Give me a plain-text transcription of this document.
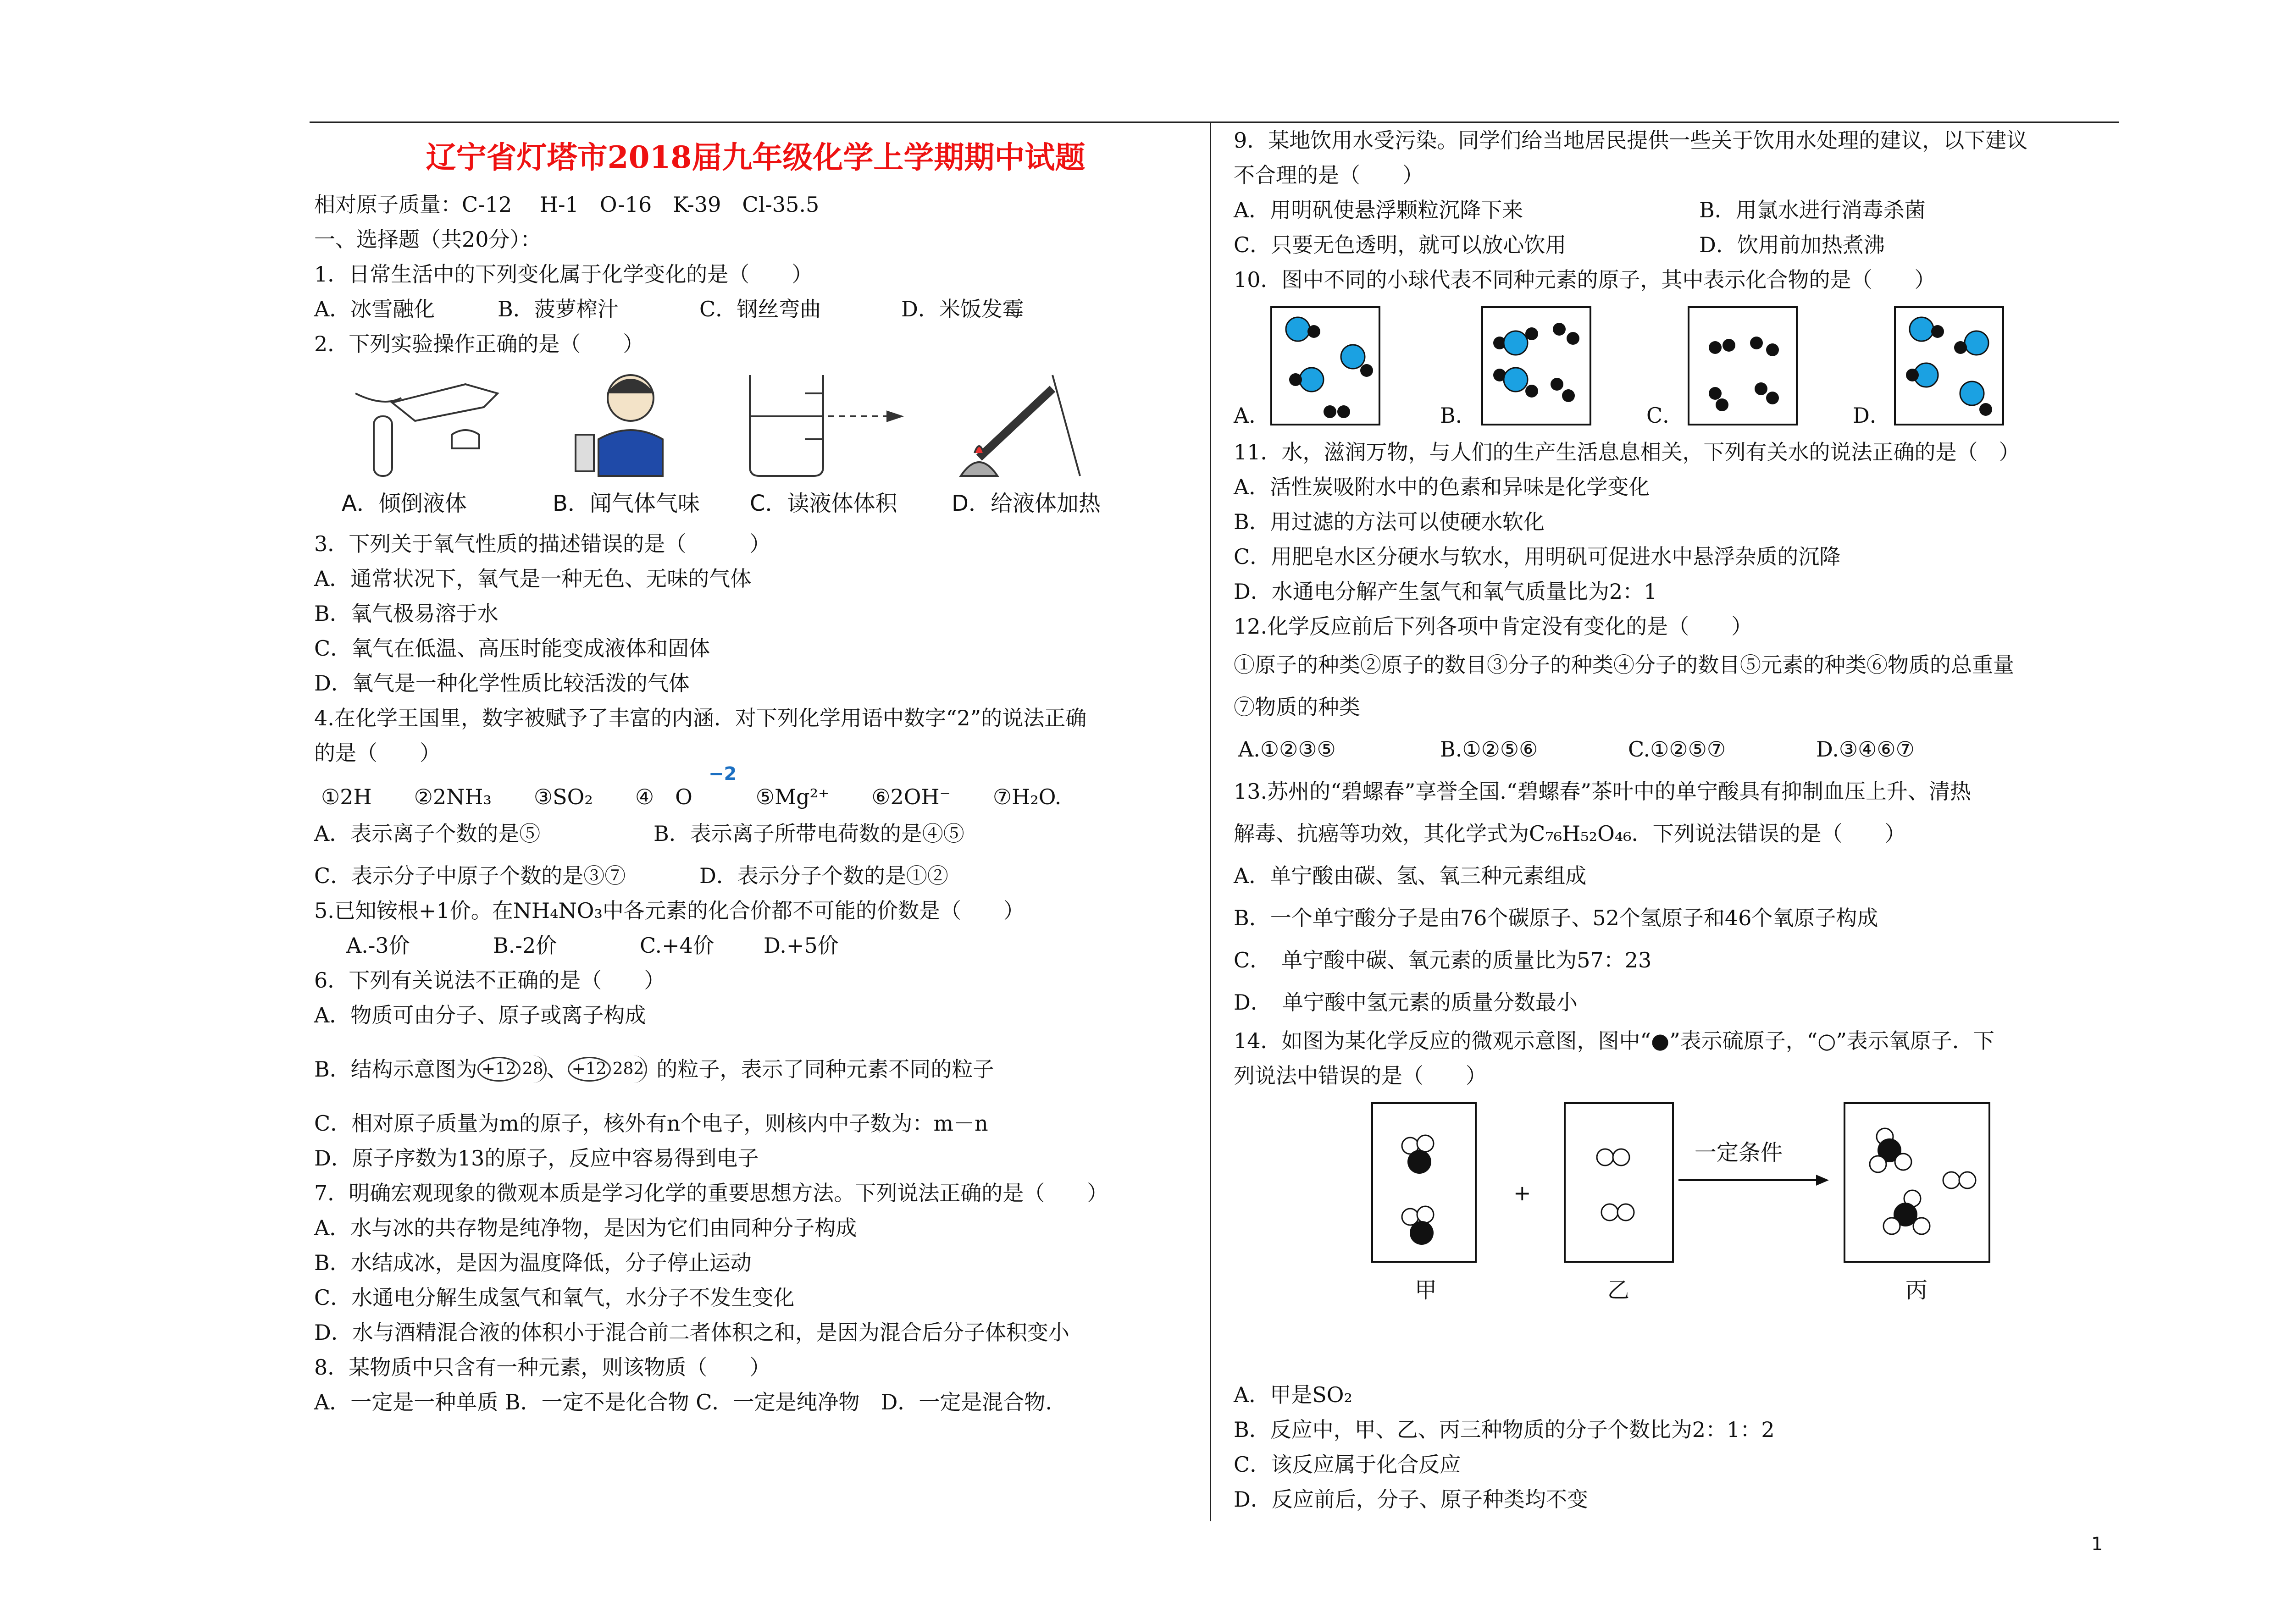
辽宁省灯塔市2018届九年级化学上学期期中试题
相对原子质量：C-12　 H-1　O-16　K-39　Cl-35.5
一、选择题（共20分）：
1．日常生活中的下列变化属于化学变化的是（　　）
A．冰雪融化	B．菠萝榨汁	C．钢丝弯曲	D．米饭发霉
2．下列实验操作正确的是（　　）
A．倾倒液体	B．闻气体气味	C．读液体体积	D．给液体加热
3．下列关于氧气性质的描述错误的是（　　　）
A．通常状况下，氧气是一种无色、无味的气体
B．氧气极易溶于水
C．氧气在低温、高压时能变成液体和固体
D．氧气是一种化学性质比较活泼的气体
4.在化学王国里，数字被赋予了丰富的内涵．对下列化学用语中数字“2”的说法正确
的是（　　）
−2
①2H　　②2NH₃　　③SO₂　　④　O　　　⑤Mg²⁺　　⑥2OH⁻　　⑦H₂O.
A．表示离子个数的是⑤	B．表示离子所带电荷数的是④⑤
C．表示分子中原子个数的是③⑦	D．表示分子个数的是①②
5.已知铵根+1价。在NH₄NO₃中各元素的化合价都不可能的价数是（　　）
A.-3价	B.-2价	C.+4价	D.+5价
6．下列有关说法不正确的是（　　）
A．物质可由分子、原子或离子构成
B．结构示意图为 +12 28 、 +12 282 的粒子，表示了同种元素不同的粒子
C．相对原子质量为m的原子，核外有n个电子，则核内中子数为：m－n
D．原子序数为13的原子，反应中容易得到电子
7．明确宏观现象的微观本质是学习化学的重要思想方法。下列说法正确的是（　　）
A．水与冰的共存物是纯净物，是因为它们由同种分子构成
B．水结成冰，是因为温度降低，分子停止运动
C．水通电分解生成氢气和氧气，水分子不发生变化
D．水与酒精混合液的体积小于混合前二者体积之和，是因为混合后分子体积变小
8．某物质中只含有一种元素，则该物质（　　）
A．一定是一种单质 B．一定不是化合物 C．一定是纯净物　D．一定是混合物.
9．某地饮用水受污染。同学们给当地居民提供一些关于饮用水处理的建议，以下建议
不合理的是（　　）
A．用明矾使悬浮颗粒沉降下来	B．用氯水进行消毒杀菌
C．只要无色透明，就可以放心饮用	D．饮用前加热煮沸
10．图中不同的小球代表不同种元素的原子，其中表示化合物的是（　　）
A．	B．	C．	D．
11．水，滋润万物，与人们的生产生活息息相关，下列有关水的说法正确的是（　）
A．活性炭吸附水中的色素和异味是化学变化
B．用过滤的方法可以使硬水软化
C．用肥皂水区分硬水与软水，用明矾可促进水中悬浮杂质的沉降
D．水通电分解产生氢气和氧气质量比为2：1
12.化学反应前后下列各项中肯定没有变化的是（　　）
①原子的种类②原子的数目③分子的种类④分子的数目⑤元素的种类⑥物质的总重量
⑦物质的种类
A.①②③⑤	B.①②⑤⑥	C.①②⑤⑦	D.③④⑥⑦
13.苏州的“碧螺春”享誉全国.“碧螺春”茶叶中的单宁酸具有抑制血压上升、清热
解毒、抗癌等功效，其化学式为C₇₆H₅₂O₄₆．下列说法错误的是（　　）
A．单宁酸由碳、氢、氧三种元素组成
B．一个单宁酸分子是由76个碳原子、52个氢原子和46个氧原子构成
C．　单宁酸中碳、氧元素的质量比为57：23
D．　单宁酸中氢元素的质量分数最小
14．如图为某化学反应的微观示意图，图中“●”表示硫原子，“○”表示氧原子．下
列说法中错误的是（　　）
+
一定条件
甲	乙	丙
A．甲是SO₂
B．反应中，甲、乙、丙三种物质的分子个数比为2：1：2
C．该反应属于化合反应
D．反应前后，分子、原子种类均不变
1
